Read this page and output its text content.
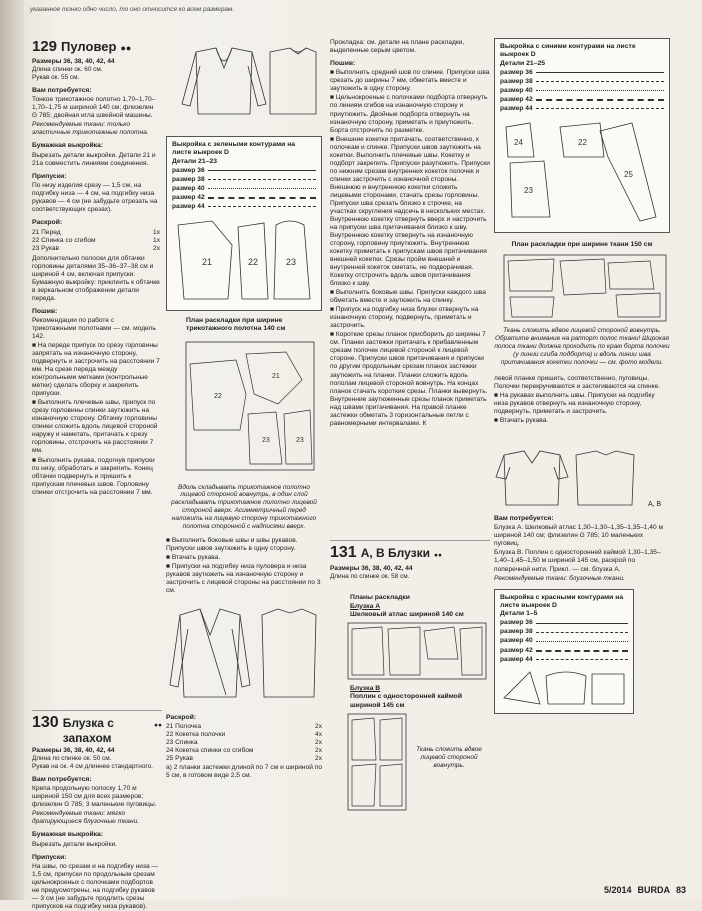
указанное тонко одно число, то оно относится ко всем размерам.
129 Пуловер ●●
Размеры 36, 38, 40, 42, 44
Длина спинки ок. 60 см.
Рукав ок. 55 см.
Вам потребуется:

Тонкое трикотажное полотно 1,70–1,70–1,70–1,75 м шириной 140 см; флизелин G 785; двойная игла швейной машины.

Рекомендуемые ткани: только эластичные трикотажные полотна.

Бумажная выкройка:

Вырезать детали выкройки. Детали 21 и 21а совместить линиями соединения.

Припуски:

По низу изделия срезу — 1,5 см, на подгибку низа — 4 см, на подгибку низа рукавов — 4 см (не забудьте отрезать на соответствующих срезах).

Раскрой:
21 Перед	1x
22 Спинка со сгибом	1x
23 Рукав	2x

Дополнительно полоски для обтачки горловины деталями 35–36–37–38 см и шириной 4 см, включая припуски. Бумажную выкройку: приклеить к обтачке в зеркальном отображении детали переда.

Пошив:

Рекомендации по работе с трикотажными полотнами — см. модель 142.

■ На переде припуск по срезу горловины запрятать на изнаночную сторону, подвернуть и застрочить на расстоянии 7 мм. На срезе переда между контрольными метками (контрольные метки) сделать сборку и закрепить припуски.

■ Выполнить плечевые швы, припуск по срезу горловины спинки заутюжить на изнаночную сторону. Обтачку горловины спинки сложить вдоль лицевой стороной наружу и наметать, притачать к срезу горловины, отстрочить на расстоянии 7 мм.

■ Выполнить рукава, подогнув припуски по низу, обработать и закрепить. Конец обтачки подвернуть и пришить к припускам плечевых швов. Горловину спинки отстрочить на расстоянии 7 мм.

130 Блузка с запахом
●●
Размеры 36, 38, 40, 42, 44
Длина по спинке ок. 50 см.
Рукав на ок. 4 см длиннее стандартного.
Вам потребуется:

Крепа продольную полоску 1,70 м шириной 150 см для всех размеров; флизелин G 785; 3 маленькие пуговицы.

Рекомендуемые ткани: мягко драпирующиеся блузочные ткани.

Бумажная выкройка:

Вырезать детали выкройки.

Припуски:

На швы, по срезам и на подгибку низа — 1,5 см, припуски по продольным срезам цельнокроеных с полочками подбортов не предусмотрены, на подгибку рукавов — 3 см (не забудьте продлить срезы припусков на подгибку низа рукавов).

Выкройка с зелеными контурами на листе выкроек D
Детали 21–23
размер 36
размер 38
размер 40
размер 42
размер 44
21	22	23
План раскладки при ширине трикотажного полотна 140 см
22
21
23	23
Вдоль складывать трикотажное полотно лицевой стороной вовнутрь, в один слой раскладывать трикотажное полотно лицевой стороной вверх. Асимметричный перед наложить на лицевую сторону трикотажного полотна сторонной с надписями вверх.

■ Выполнить боковые швы и швы рукавов. Припуски швов заутюжить в одну сторону.

■ Втачать рукава.

■ Припуски на подгибку низа пуловера и низа рукавов заутюжить на изнаночную сторону и застрочить с лицевой стороны на расстоянии по 3 см.

Раскрой:
21 Полочка	2x
22 Кокетка полочки	4x
23 Спинка	2x
24 Кокетка спинки со сгибом	2x
25 Рукав	2x

а) 2 планки застежки длиной по 7 см и шириной по 5 см, в готовом виде 2,5 см.

Прокладка: см. детали на плане раскладки, выделенные серым цветом.

Пошив:

■ Выполнить средний шов по спинке. Припуски шва срезать до ширины 7 мм, обметать вместе и заутюжить в одну сторону.

■ Цельнокроеные с полочками подборта отвернуть по линиям сгибов на изнаночную сторону и приутюжить. Двойные подборта отвернуть на изнаночную сторону, приметать и приутюжить. Борта отстрочить по разметке.

■ Внешние кокетки притачать, соответственно, к полочкам и спинке. Припуски швов заутюжить на кокетки. Выполнить плечевые швы. Кокетку и подборт закрепить. Припуски разутюжить. Припуски по нижним срезам внутренних кокеток полочек и спинки застрочить с изнаночной стороны. Внешнюю и внутреннюю кокетки сложить лицевыми сторонами, стачать срезы горловины. Припуски шва срезать близко к строчке, на участках скругления надсечь в нескольких местах. Внутреннюю кокетку отвернуть вверх и настрочить на припуски шва притачивания близко к шву. Внутреннюю кокетку отвернуть на изнаночную сторону, горловину приутюжить. Внутреннюю кокетку приметать к припускам швов притачивания внешней кокетки. Срезы пройм внешней и внутренней кокеток сметать, не подворачивая. Кокетку отстрочить вдоль швов притачивания близко к шву.

■ Выполнить боковые швы. Припуски каждого шва обметать вместе и заутюжить на спинку.

■ Припуск на подгибку низа блузки отвернуть на изнаночную сторону, подвернуть, приметать и застрочить.

■ Короткие срезы планок присборить до ширины 7 см. Планки застежки притачать к прибавленным срезам полочек лицевой стороной к лицевой стороне. Припуски швов притачивания и припуски по другим продольным срезам планок застежки заутюжить на планки. Планки сложить вдоль пополам лицевой стороной вовнутрь. На концах планок стачать короткие срезы. Планки вывернуть. Внутренние заутюженные срезы планок приметать над швами притачивания. На правой планке застежки обметать 3 горизонтальные петли с равномерными интервалами. К

131 А, В Блузки ●●
Размеры 36, 38, 40, 42, 44
Длина по спинке ок. 58 см.
Планы раскладки
Блузка A
Шелковый атлас шириной 140 см
Блузка B
Поплин с односторонней каймой шириной 145 см
Ткань сложить вдвое лицевой стороной вовнутрь.
Выкройка с синими контурами на листе выкроек D
Детали 21–25
размер 36
размер 38
размер 40
размер 42
размер 44
24
23
22
25
План раскладки при ширине ткани 150 см
Ткань сложить вдвое лицевой стороной вовнутрь. Обратите внимание на раппорт полос ткани! Широкая полоса ткани должна проходить по краю борта полочки (у линии сгиба подборта) и вдоль линии шва притачивания кокетки полочки — см. фото модели.

левой планке пришить, соответственно, пуговицы. Полочки перекручиваются и застегиваются на спинке.

■ На рукавах выполнить швы. Припуски на подгибку низа рукавов отвернуть на изнаночную сторону, подвернуть, приметать и застрочить.

■ Втачать рукава.

A, B
Вам потребуется:

Блузка A. Шелковый атлас 1,30–1,30–1,35–1,35–1,40 м шириной 140 см; флизелин G 785; 10 маленьких пуговиц.

Блузка B. Поплин с односторонней каймой 1,30–1,35–1,40–1,45–1,50 м шириной 145 см, раскрой по поперечной нити. Прикл. — см. блузка A.

Рекомендуемые ткани: блузочные ткани.

Выкройка с красными контурами на листе выкроек D
Детали 1–5
размер 36
размер 38
размер 40
размер 42
размер 44
5/2014 BURDA 83
